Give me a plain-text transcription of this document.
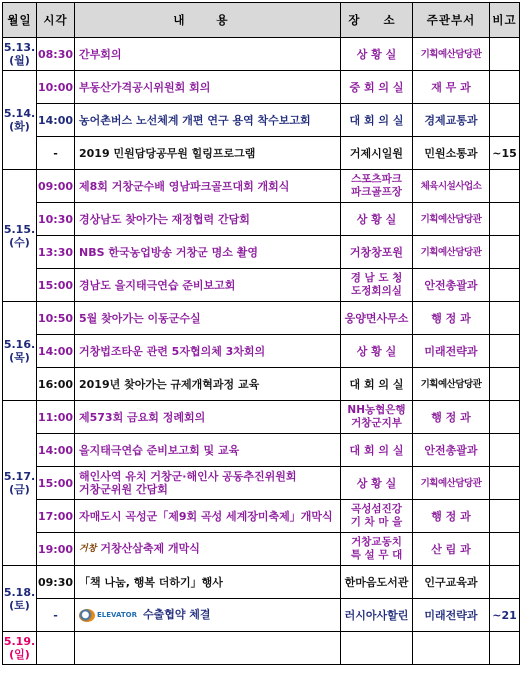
월일	시각	내 용	장 소	주관부서	비고
5.13.
(월)	08:30	간부회의	상 황 실	기획예산담당관	
5.14.
(화)	10:00	부동산가격공시위원회 회의	중 회 의 실	재 무 과	
	14:00	농어촌버스 노선체계 개편 연구 용역 착수보고회	대 회 의 실	경제교통과	
	-	2019 민원담당공무원 힐링프로그램	거제시일원	민원소통과	~15
5.15.
(수)	09:00	제8회 거창군수배 영남파크골프대회 개회식	스포츠파크
파크골프장	체육시설사업소	
	10:30	경상남도 찾아가는 재정협력 간담회	상 황 실	기획예산담당관	
	13:30	NBS 한국농업방송 거창군 명소 촬영	거창창포원	기획예산담당관	
	15:00	경남도 을지태극연습 준비보고회	경 남 도 청
도정회의실	안전총괄과	
5.16.
(목)	10:50	5월 찾아가는 이동군수실	웅양면사무소	행 정 과	
	14:00	거창법조타운 관련 5자협의체 3차회의	상 황 실	미래전략과	
	16:00	2019년 찾아가는 규제개혁과정 교육	대 회 의 실	기획예산담당관	
5.17.
(금)	11:00	제573회 금요회 정례회의	NH농협은행
거창군지부	행 정 과	
	14:00	을지태극연습 준비보고회 및 교육	대 회 의 실	안전총괄과	
	15:00	해인사역 유치 거창군·해인사 공동추진위원회
거창군위원 간담회	상 황 실	기획예산담당관	
	17:00	자매도시 곡성군「제9회 곡성 세계장미축제」개막식	곡성섬진강
기 차 마 을	행 정 과	
	19:00	거창 거창산삼축제 개막식	거창교동치
특 설 무 대	산 림 과	
5.18.
(토)	09:30	「책 나눔, 행복 더하기」행사	한마음도서관	인구교육과	
	-	ELEVATOR 수출협약 체결	러시아사할린	미래전략과	~21
5.19.
(일)					
